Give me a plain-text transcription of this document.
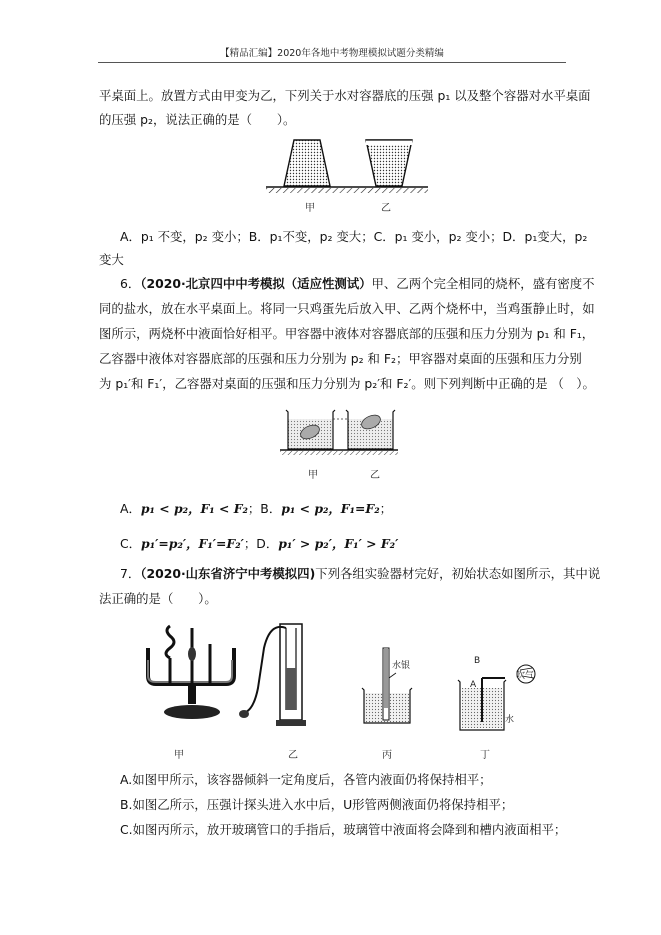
【精品汇编】2020年各地中考物理模拟试题分类精编
平桌面上。放置方式由甲变为乙，下列关于水对容器底的压强 p₁ 以及整个容器对水平桌面
的压强 p₂，说法正确的是（　　）。
甲	乙
A．p₁ 不变，p₂ 变小；B．p₁不变，p₂ 变大；C．p₁ 变小，p₂ 变小；D．p₁变大，p₂
变大
6．（2020·北京四中中考模拟（适应性测试）甲、乙两个完全相同的烧杯，盛有密度不
同的盐水，放在水平桌面上。将同一只鸡蛋先后放入甲、乙两个烧杯中，当鸡蛋静止时，如
图所示，两烧杯中液面恰好相平。甲容器中液体对容器底部的压强和压力分别为 p₁ 和 F₁，
乙容器中液体对容器底部的压强和压力分别为 p₂ 和 F₂；甲容器对桌面的压强和压力分别
为 p₁′和 F₁′，乙容器对桌面的压强和压力分别为 p₂′和 F₂′。则下列判断中正确的是 （　）。
甲	乙
A．p₁ < p₂，F₁ < F₂；B．p₁ < p₂，F₁=F₂；
C．p₁′=p₂′，F₁′=F₂′；D．p₁′ > p₂′，F₁′ > F₂′
7．（2020·山东省济宁中考模拟四)下列各组实验器材完好，初始状态如图所示，其中说
法正确的是（　　）。
水银	B
吹气
A
水
甲	乙	丙	丁
A.如图甲所示，该容器倾斜一定角度后，各管内液面仍将保持相平；
B.如图乙所示，压强计探头进入水中后，U形管两侧液面仍将保持相平；
C.如图丙所示，放开玻璃管口的手指后，玻璃管中液面将会降到和槽内液面相平；
